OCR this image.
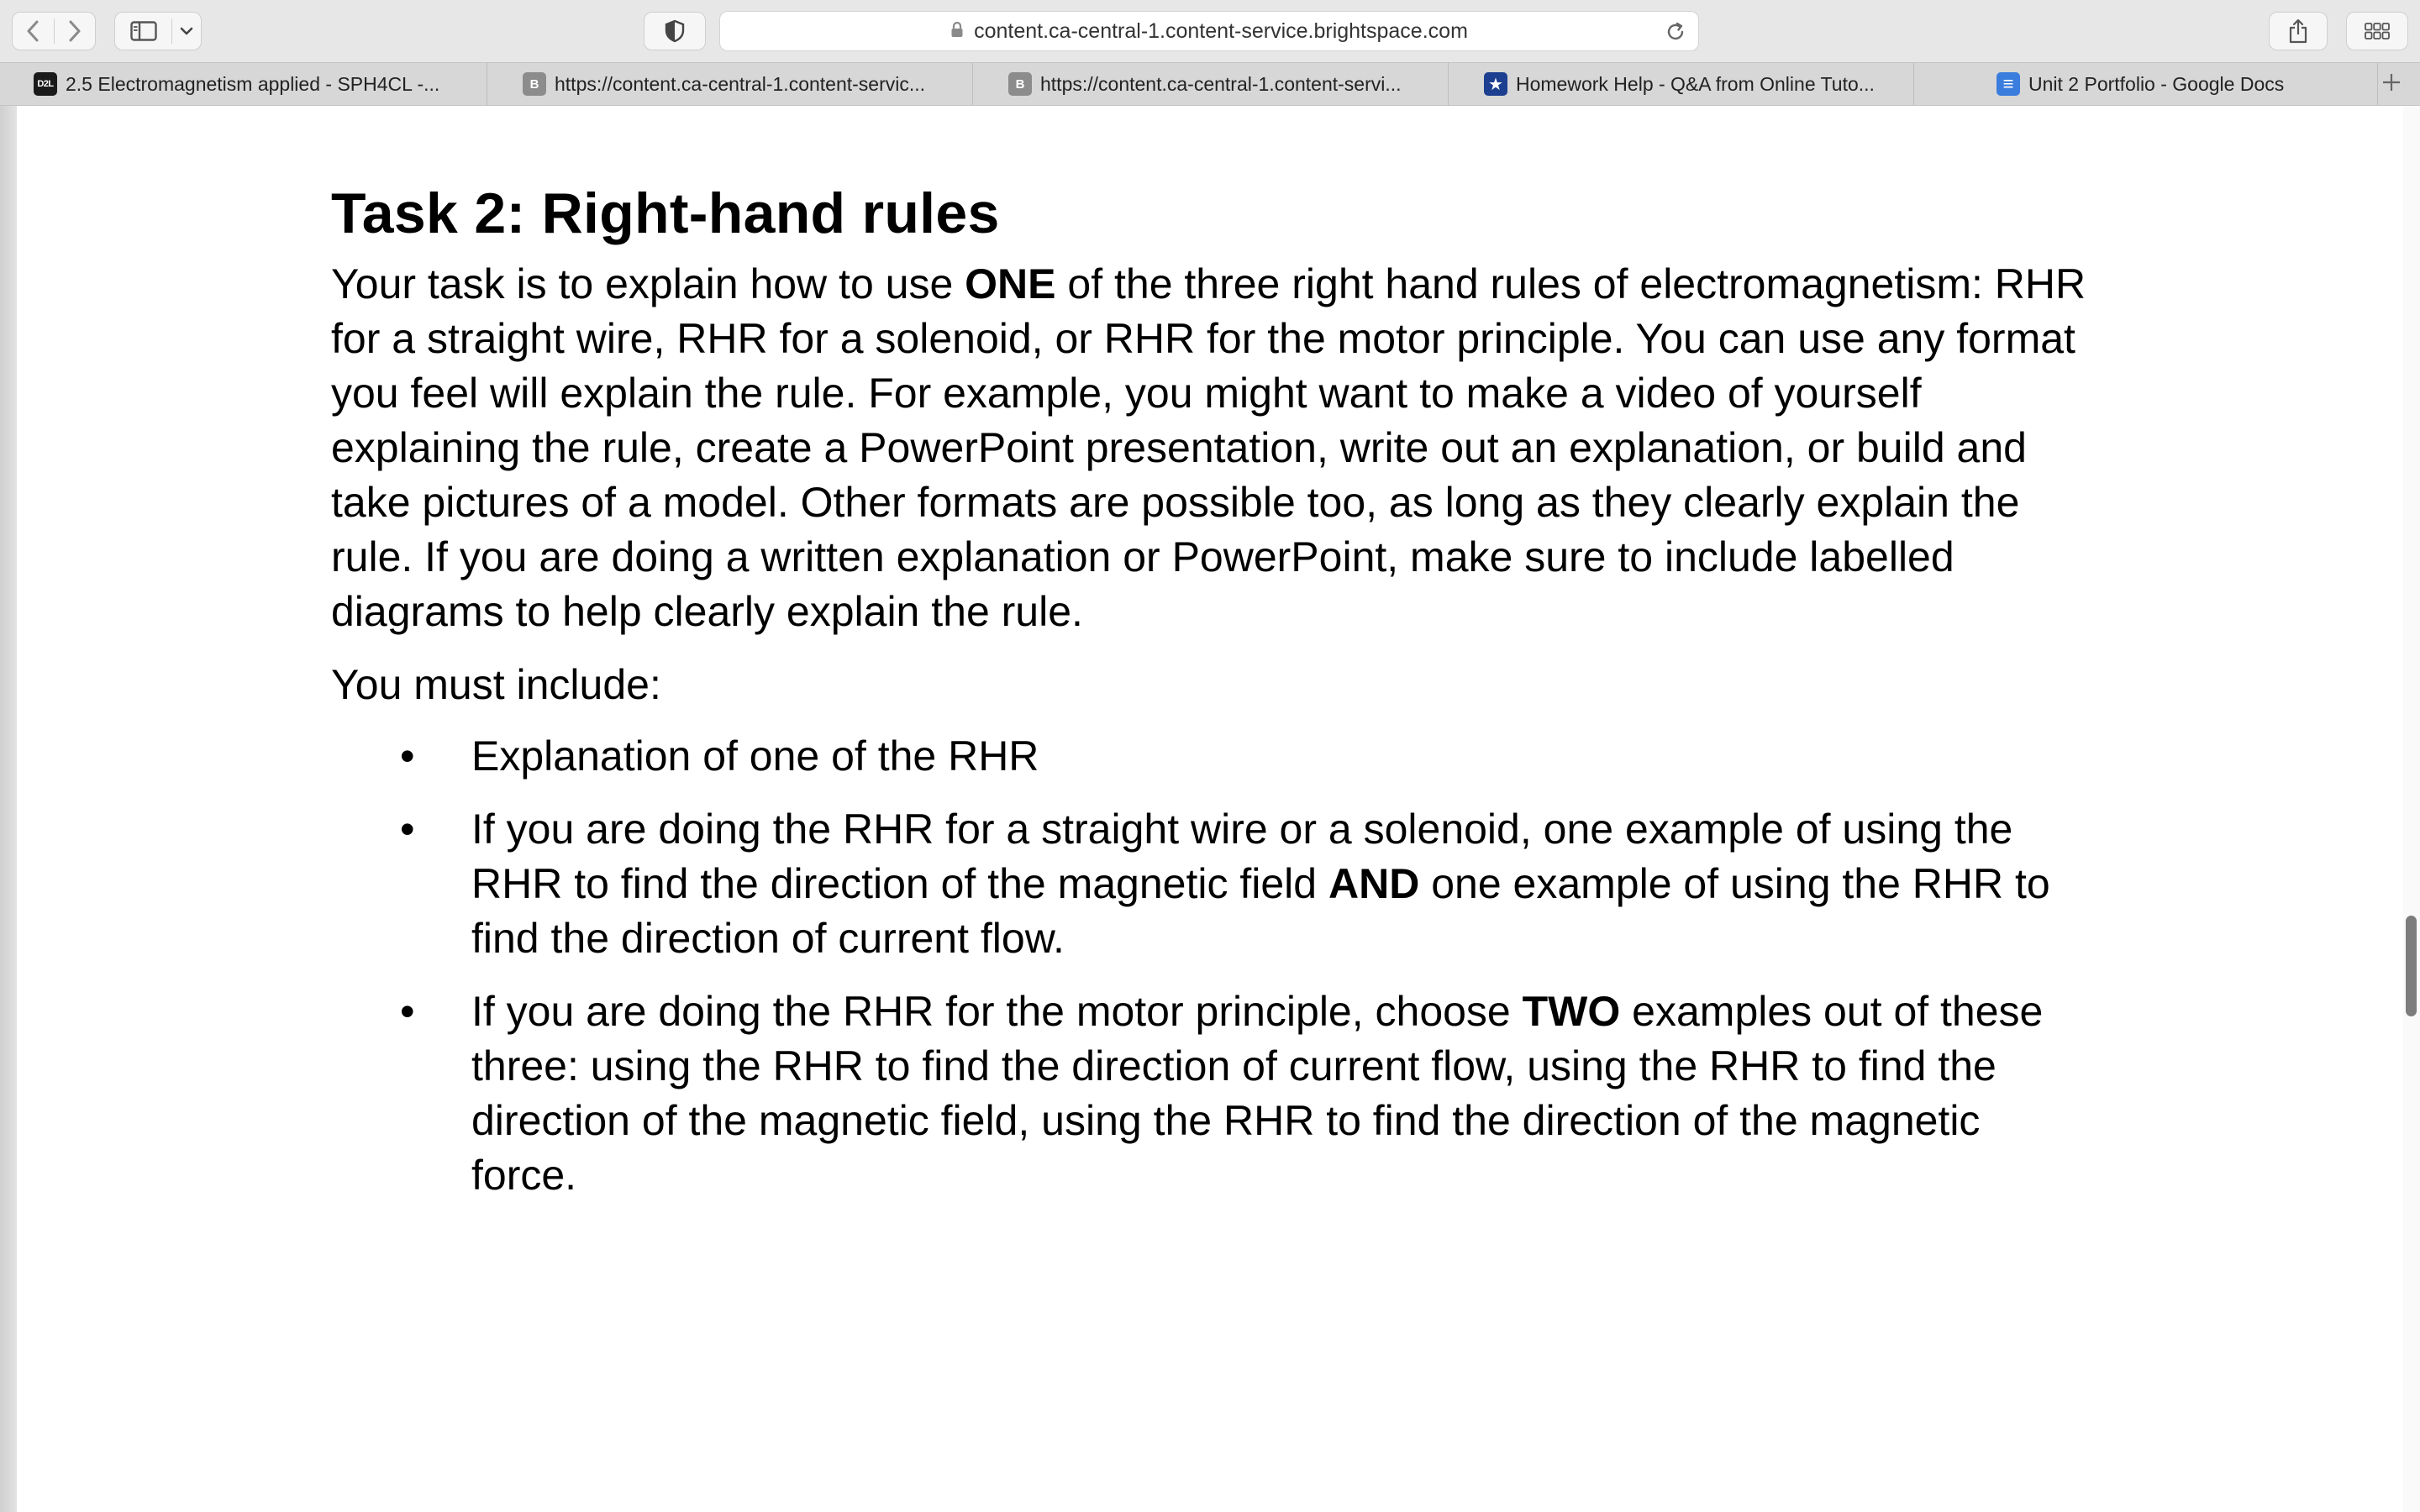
content.ca-central-1.content-service.brightspace.com
D2L 2.5 Electromagnetism applied - SPH4CL -...	B https://content.ca-central-1.content-servic...	B https://content.ca-central-1.content-servi...	★ Homework Help - Q&A from Online Tuto...	≡ Unit 2 Portfolio - Google Docs
Task 2: Right-hand rules

Your task is to explain how to use ONE of the three right hand rules of electromagnetism: RHR for a straight wire, RHR for a solenoid, or RHR for the motor principle. You can use any format you feel will explain the rule. For example, you might want to make a video of yourself explaining the rule, create a PowerPoint presentation, write out an explanation, or build and take pictures of a model. Other formats are possible too, as long as they clearly explain the rule. If you are doing a written explanation or PowerPoint, make sure to include labelled diagrams to help clearly explain the rule.

You must include:

• Explanation of one of the RHR
• If you are doing the RHR for a straight wire or a solenoid, one example of using the RHR to find the direction of the magnetic field AND one example of using the RHR to find the direction of current flow.
• If you are doing the RHR for the motor principle, choose TWO examples out of these three: using the RHR to find the direction of current flow, using the RHR to find the direction of the magnetic field, using the RHR to find the direction of the magnetic force.
